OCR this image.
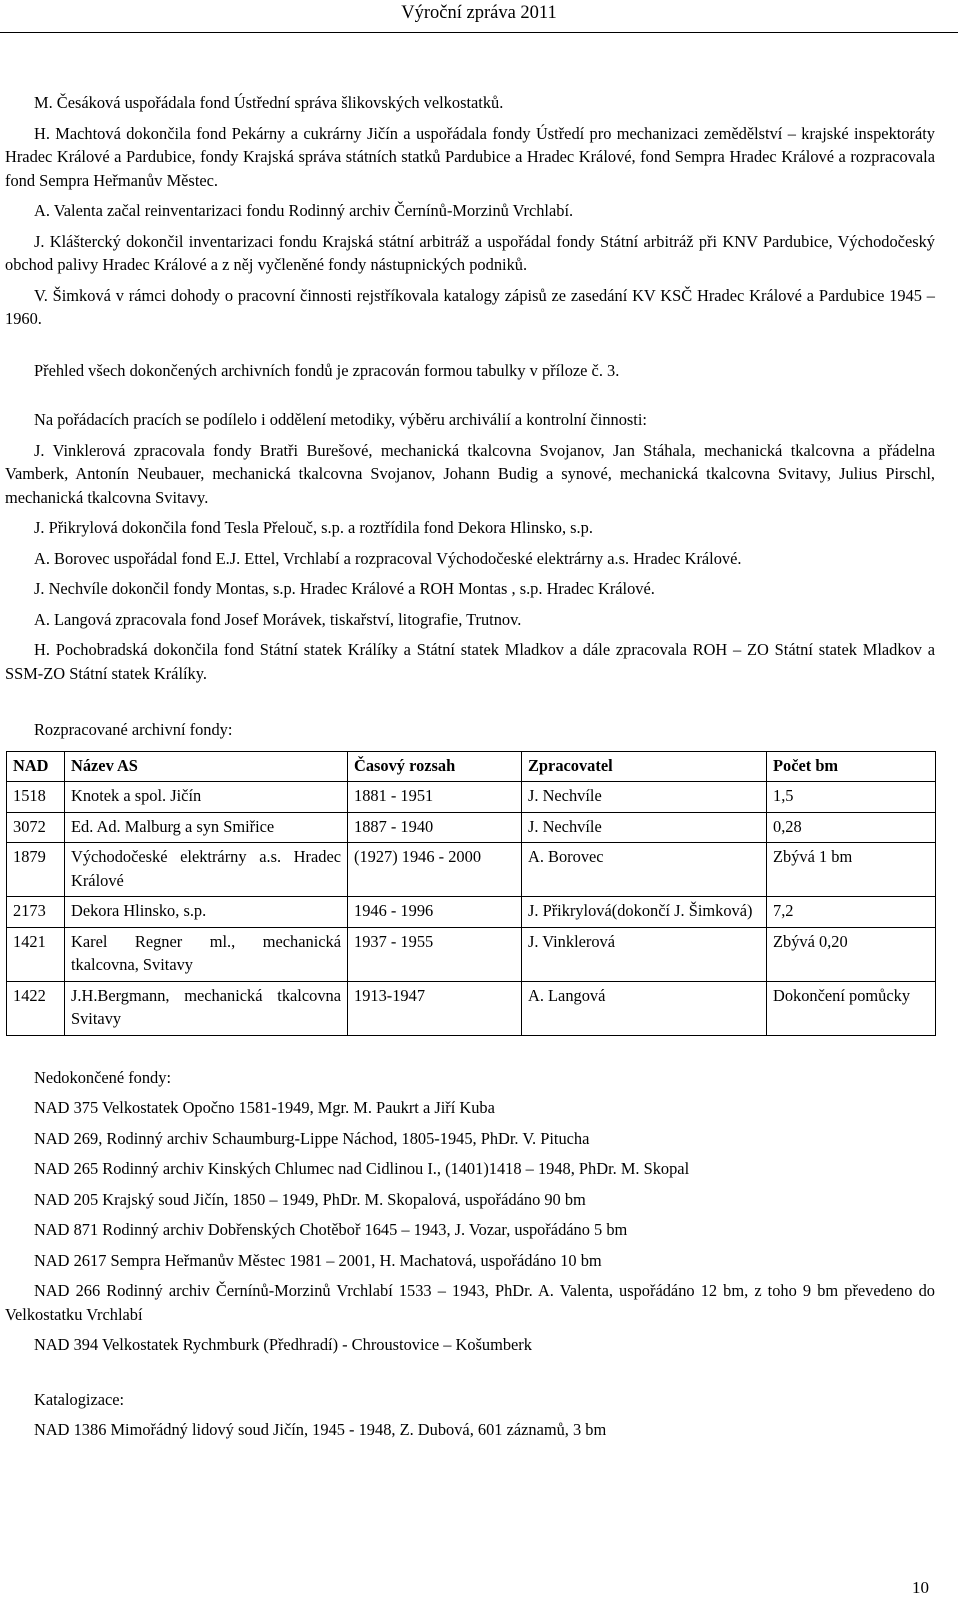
Výroční zpráva 2011

M. Česáková uspořádala fond Ústřední správa šlikovských velkostatků.

H. Machtová dokončila fond Pekárny a cukrárny Jičín a uspořádala fondy Ústředí pro mechanizaci zemědělství – krajské inspektoráty Hradec Králové a Pardubice, fondy Krajská správa státních statků Pardubice a Hradec Králové, fond Sempra Hradec Králové a rozpracovala fond Sempra Heřmanův Městec.

A. Valenta začal reinventarizaci fondu Rodinný archiv Černínů-Morzinů Vrchlabí.

J. Kláštercký dokončil inventarizaci fondu Krajská státní arbitráž a uspořádal fondy Státní arbitráž při KNV Pardubice, Východočeský obchod palivy Hradec Králové a z něj vyčleněné fondy nástupnických podniků.

V. Šimková v rámci dohody o pracovní činnosti rejstříkovala katalogy zápisů ze zasedání KV KSČ Hradec Králové a Pardubice 1945 – 1960.

Přehled všech dokončených archivních fondů je zpracován formou tabulky v příloze č. 3.

Na pořádacích pracích se podílelo i oddělení metodiky, výběru archiválií a kontrolní činnosti:

J. Vinklerová zpracovala fondy Bratři Burešové, mechanická tkalcovna Svojanov, Jan Stáhala, mechanická tkalcovna a přádelna Vamberk, Antonín Neubauer, mechanická tkalcovna Svojanov, Johann Budig a synové, mechanická tkalcovna Svitavy, Julius Pirschl, mechanická tkalcovna Svitavy.

J. Přikrylová dokončila fond Tesla Přelouč, s.p. a roztřídila fond Dekora Hlinsko, s.p.

A. Borovec uspořádal fond E.J. Ettel, Vrchlabí a rozpracoval Východočeské elektrárny a.s. Hradec Králové.

J. Nechvíle dokončil fondy Montas, s.p. Hradec Králové a ROH Montas , s.p. Hradec Králové.

A. Langová zpracovala fond Josef Morávek, tiskařství, litografie, Trutnov.

H. Pochobradská dokončila fond Státní statek Králíky a Státní statek Mladkov a dále zpracovala ROH – ZO Státní statek Mladkov a SSM-ZO Státní statek Králíky.

Rozpracované archivní fondy:

NAD	Název AS	Časový rozsah	Zpracovatel	Počet bm
1518	Knotek a spol. Jičín	1881 - 1951	J. Nechvíle	1,5
3072	Ed. Ad. Malburg a syn Smiřice	1887 - 1940	J. Nechvíle	0,28
1879	Východočeské elektrárny a.s. Hradec Králové	(1927) 1946 - 2000	A. Borovec	Zbývá 1 bm
2173	Dekora Hlinsko, s.p.	1946 - 1996	J. Přikrylová(dokončí J. Šimková)	7,2
1421	Karel Regner ml., mechanická tkalcovna, Svitavy	1937 - 1955	J. Vinklerová	Zbývá 0,20
1422	J.H.Bergmann, mechanická tkalcovna Svitavy	1913-1947	A. Langová	Dokončení pomůcky

Nedokončené fondy:

NAD 375 Velkostatek Opočno 1581-1949, Mgr. M. Paukrt a Jiří Kuba

NAD 269, Rodinný archiv Schaumburg-Lippe Náchod, 1805-1945, PhDr. V. Pitucha

NAD 265 Rodinný archiv Kinských Chlumec nad Cidlinou I., (1401)1418 – 1948, PhDr. M. Skopal

NAD 205 Krajský soud Jičín, 1850 – 1949, PhDr. M. Skopalová, uspořádáno 90 bm

NAD 871 Rodinný archiv Dobřenských Chotěboř 1645 – 1943, J. Vozar, uspořádáno 5 bm

NAD 2617 Sempra Heřmanův Městec 1981 – 2001, H. Machatová, uspořádáno 10 bm

NAD 266 Rodinný archiv Černínů-Morzinů Vrchlabí 1533 – 1943, PhDr. A. Valenta, uspořádáno 12 bm, z toho 9 bm převedeno do Velkostatku Vrchlabí

NAD 394 Velkostatek Rychmburk (Předhradí) - Chroustovice – Košumberk

Katalogizace:

NAD 1386 Mimořádný lidový soud Jičín, 1945 - 1948, Z. Dubová, 601 záznamů, 3 bm

10
